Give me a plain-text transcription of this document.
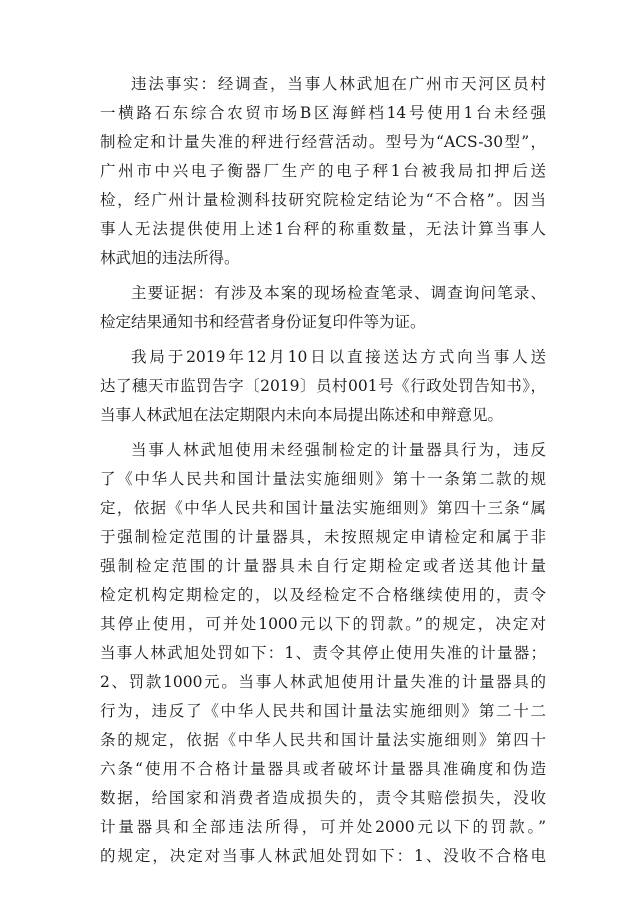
违法事实：经调查，当事人林武旭在广州市天河区员村
一横路石东综合农贸市场B区海鲜档14号使用1台未经强
制检定和计量失准的秤进行经营活动。型号为“ACS-30型”，
广州市中兴电子衡器厂生产的电子秤1台被我局扣押后送
检，经广州计量检测科技研究院检定结论为“不合格”。因当
事人无法提供使用上述1台秤的称重数量，无法计算当事人
林武旭的违法所得。
主要证据：有涉及本案的现场检查笔录、调查询问笔录、
检定结果通知书和经营者身份证复印件等为证。
我局于2019年12月10日以直接送达方式向当事人送
达了穗天市监罚告字〔2019〕员村001号《行政处罚告知书》，
当事人林武旭在法定期限内未向本局提出陈述和申辩意见。
当事人林武旭使用未经强制检定的计量器具行为，违反
了《中华人民共和国计量法实施细则》第十一条第二款的规
定，依据《中华人民共和国计量法实施细则》第四十三条“属
于强制检定范围的计量器具，未按照规定申请检定和属于非
强制检定范围的计量器具未自行定期检定或者送其他计量
检定机构定期检定的，以及经检定不合格继续使用的，责令
其停止使用，可并处1000元以下的罚款。”的规定，决定对
当事人林武旭处罚如下：1、责令其停止使用失准的计量器；
2、罚款1000元。当事人林武旭使用计量失准的计量器具的
行为，违反了《中华人民共和国计量法实施细则》第二十二
条的规定，依据《中华人民共和国计量法实施细则》第四十
六条“使用不合格计量器具或者破坏计量器具准确度和伪造
数据，给国家和消费者造成损失的，责令其赔偿损失，没收
计量器具和全部违法所得，可并处2000元以下的罚款。”
的规定，决定对当事人林武旭处罚如下：1、没收不合格电
